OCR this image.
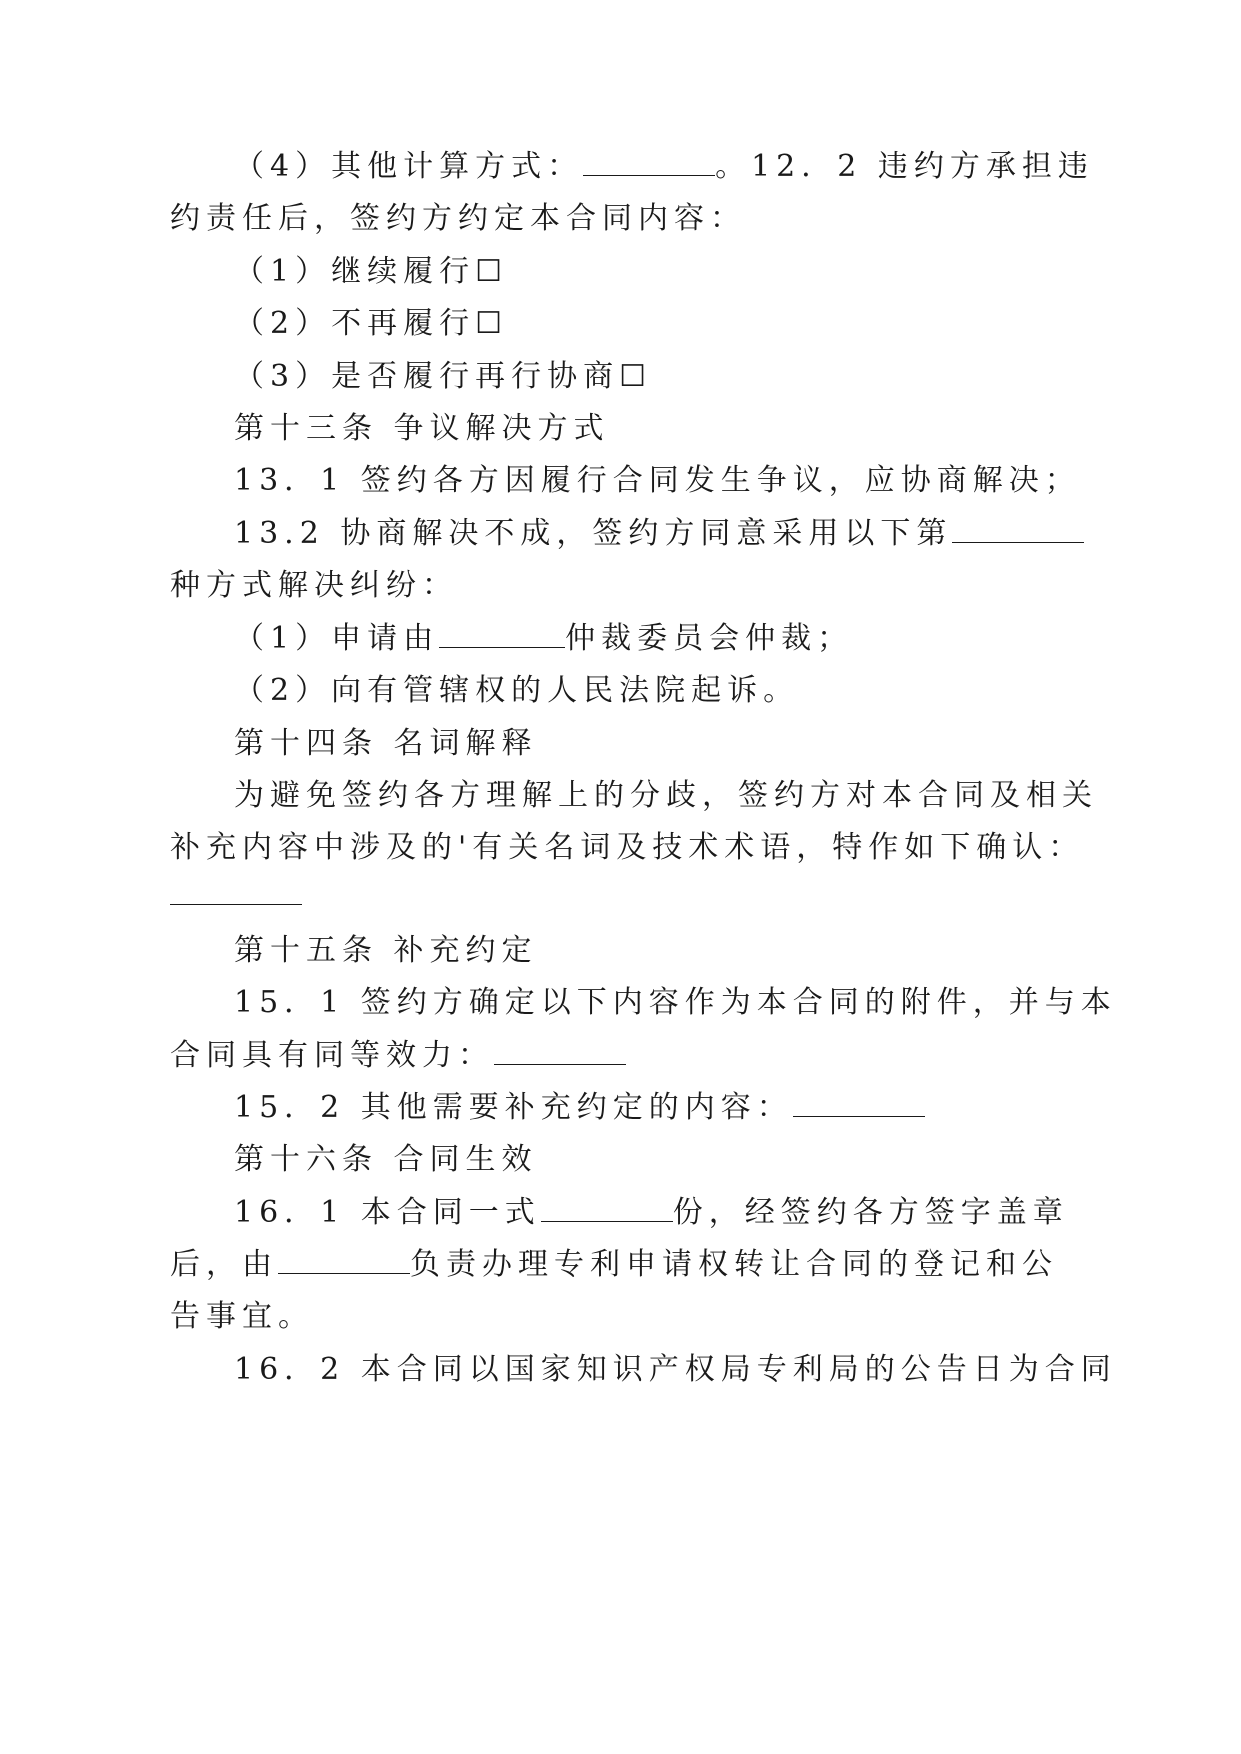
（4）其他计算方式：	。12．2 违约方承担违
约责任后，签约方约定本合同内容：
（1）继续履行☐
（2）不再履行☐
（3）是否履行再行协商☐
第十三条 争议解决方式
13．1 签约各方因履行合同发生争议，应协商解决；
13.2 协商解决不成，签约方同意采用以下第
种方式解决纠纷：
（1）申请由	仲裁委员会仲裁；
（2）向有管辖权的人民法院起诉。
第十四条 名词解释
为避免签约各方理解上的分歧，签约方对本合同及相关
补充内容中涉及的'有关名词及技术术语，特作如下确认：
第十五条 补充约定
15．1 签约方确定以下内容作为本合同的附件，并与本
合同具有同等效力：
15．2 其他需要补充约定的内容：
第十六条 合同生效
16．1 本合同一式	份，经签约各方签字盖章
后，由	负责办理专利申请权转让合同的登记和公
告事宜。
16．2 本合同以国家知识产权局专利局的公告日为合同
